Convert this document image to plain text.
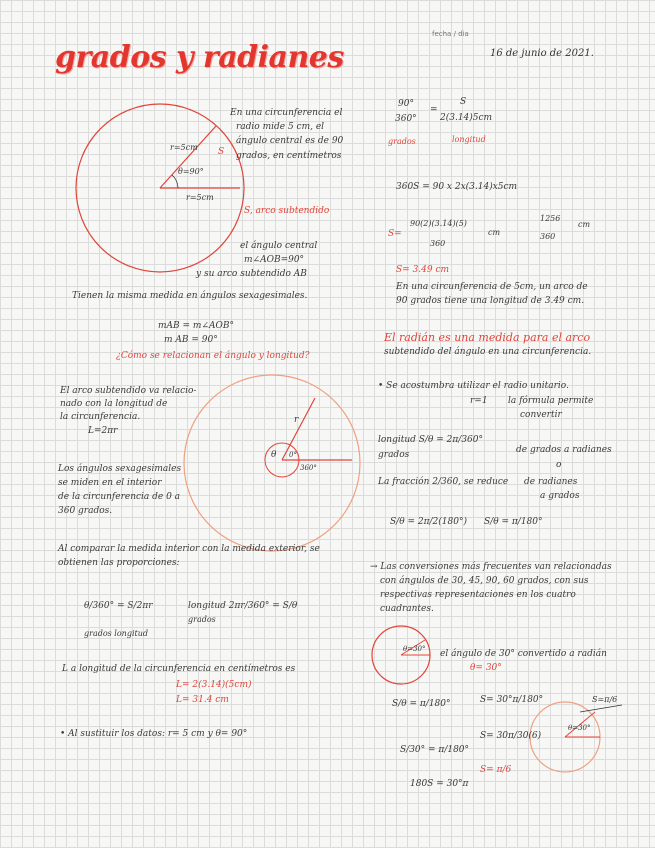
fecha / dia
grados y radianes	16 de junio de 2021.
r=5cm S
θ=90°
r=5cm
En una circunferencia el
radio mide 5 cm, el
ángulo central es de 90
grados, en centímetros
S, arco subtendido
el ángulo central
m∠AOB=90°
y su arco subtendido AB
Tienen la misma medida en ángulos sexagesimales.
mAB = m∠AOB°
m AB = 90°
¿Cómo se relacionan el ángulo y longitud?
El arco subtendido va relacio-
nado con la longitud de
la circunferencia.
L=2πr
Los ángulos sexagesimales
se miden en el interior
de la circunferencia de 0 a
360 grados.
r
θ 0°
360°
Al comparar la medida interior con la medida exterior, se
obtienen las proporciones:
θ/360° = S/2πr
grados longitud
longitud 2πr/360° = S/θ
grados
L a longitud de la circunferencia en centímetros es
L= 2(3.14)(5cm)
L= 31.4 cm
• Al sustituir los datos: r= 5 cm y θ= 90°
90°
360°
=
S
2(3.14)5cm
grados	longitud
360S = 90 x 2x(3.14)x5cm
S=
90(2)(3.14)(5)
360
cm
1256
360
cm
S= 3.49 cm
En una circunferencia de 5cm, un arco de
90 grados tiene una longitud de 3.49 cm.
El radián es una medida para el arco
subtendido del ángulo en una circunferencia.
• Se acostumbra utilizar el radio unitario.
r=1 la fórmula permite
convertir
longitud S/θ = 2π/360°
grados	de grados a radianes
o
de radianes
a grados
La fracción 2/360, se reduce
S/θ = 2π/2(180°) S/θ = π/180°
→ Las conversiones más frecuentes van relacionadas
con ángulos de 30, 45, 90, 60 grados, con sus
respectivas representaciones en los cuatro
cuadrantes.
el ángulo de 30° convertido a radián
θ= 30°
θ=30°
S/θ = π/180°	S= 30°π/180°
S/30° = π/180°
S= 30π/30(6)
180S = 30°π
S= π/6
S=π/6
θ=30°
